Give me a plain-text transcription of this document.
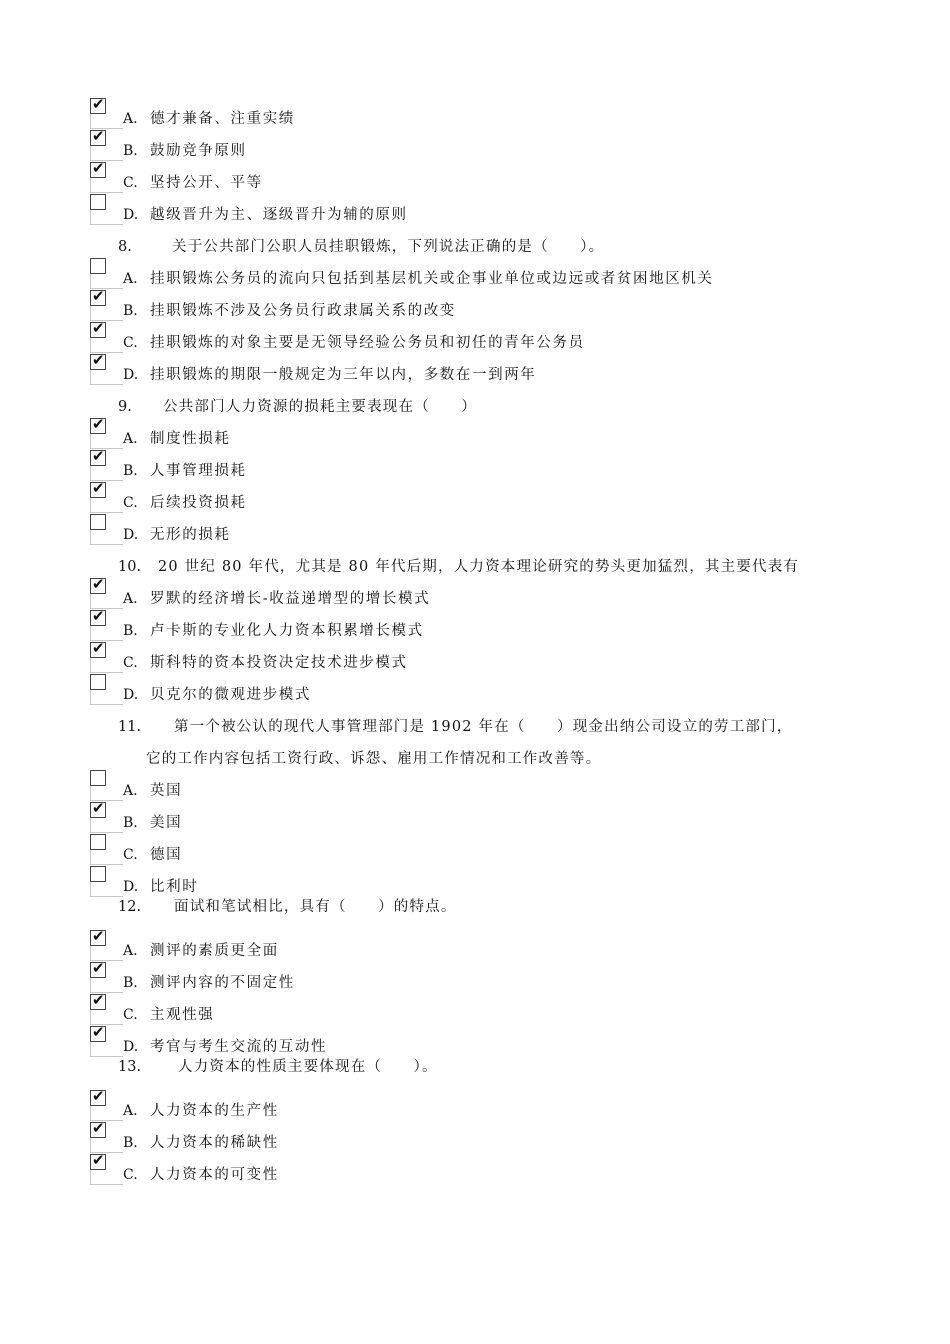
✔
A. 德才兼备、注重实绩
✔
B. 鼓励竞争原则
✔
C. 坚持公开、平等
D. 越级晋升为主、逐级晋升为辅的原则
8.	关于公共部门公职人员挂职锻炼，下列说法正确的是（　　）。
A. 挂职锻炼公务员的流向只包括到基层机关或企事业单位或边远或者贫困地区机关
✔
B. 挂职锻炼不涉及公务员行政隶属关系的改变
✔
C. 挂职锻炼的对象主要是无领导经验公务员和初任的青年公务员
✔
D. 挂职锻炼的期限一般规定为三年以内，多数在一到两年
9. 公共部门人力资源的损耗主要表现在（　　）
✔
A. 制度性损耗
✔
B. 人事管理损耗
✔
C. 后续投资损耗
D. 无形的损耗
10. 20 世纪 80 年代，尤其是 80 年代后期，人力资本理论研究的势头更加猛烈，其主要代表有
✔
A. 罗默的经济增长-收益递增型的增长模式
✔
B. 卢卡斯的专业化人力资本积累增长模式
✔
C. 斯科特的资本投资决定技术进步模式
D. 贝克尔的微观进步模式
11. 第一个被公认的现代人事管理部门是 1902 年在（　　）现金出纳公司设立的劳工部门，
它的工作内容包括工资行政、诉怨、雇用工作情况和工作改善等。
A. 英国
✔
B. 美国
C. 德国
D. 比利时
12. 面试和笔试相比，具有（　　）的特点。
✔
A. 测评的素质更全面
✔
B. 测评内容的不固定性
✔
C. 主观性强
✔
D. 考官与考生交流的互动性
13.	人力资本的性质主要体现在（　　）。
✔
A. 人力资本的生产性
✔
B. 人力资本的稀缺性
✔
C. 人力资本的可变性
